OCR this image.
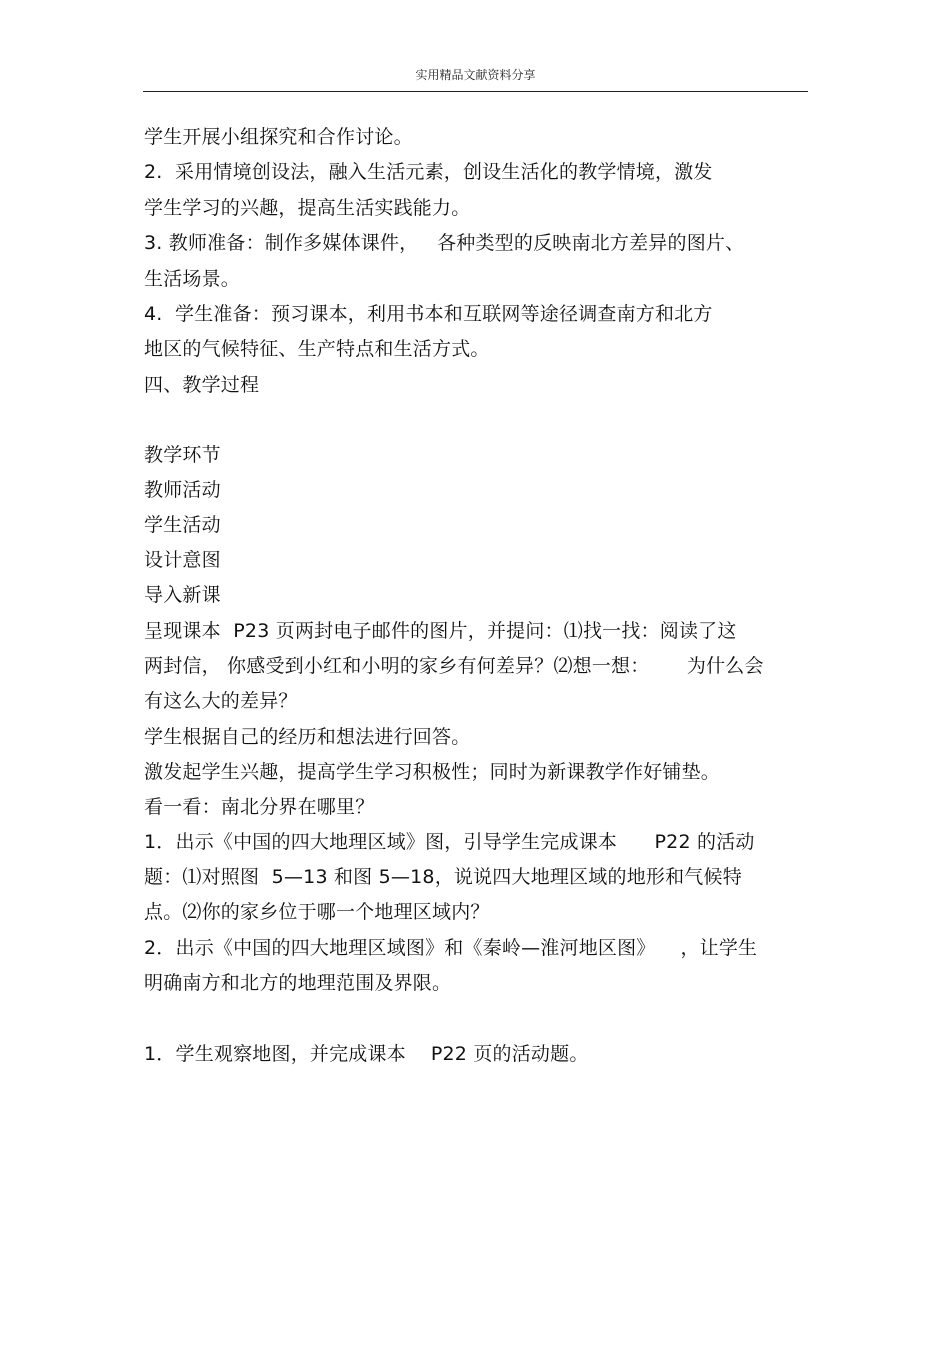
实用精品文献资料分享
学生开展小组探究和合作讨论。
2.  采用情境创设法，融入生活元素，创设生活化的教学情境，激发
学生学习的兴趣，提高生活实践能力。
3. 教师准备：制作多媒体课件，   各种类型的反映南北方差异的图片、
生活场景。
4.  学生准备：预习课本，利用书本和互联网等途径调查南方和北方
地区的气候特征、生产特点和生活方式。
四、教学过程
教学环节
教师活动
学生活动
设计意图
导入新课
呈现课本  P23 页两封电子邮件的图片，并提问：⑴找一找：阅读了这
两封信， 你感受到小红和小明的家乡有何差异？⑵想一想：      为什么会
有这么大的差异？
学生根据自己的经历和想法进行回答。
激发起学生兴趣，提高学生学习积极性；同时为新课教学作好铺垫。
看一看：南北分界在哪里？
1．出示《中国的四大地理区域》图，引导学生完成课本      P22 的活动
题：⑴对照图  5—13 和图 5—18，说说四大地理区域的地形和气候特
点。⑵你的家乡位于哪一个地理区域内？
2．出示《中国的四大地理区域图》和《秦岭—淮河地区图》    ，让学生
明确南方和北方的地理范围及界限。
1．学生观察地图，并完成课本    P22 页的活动题。
